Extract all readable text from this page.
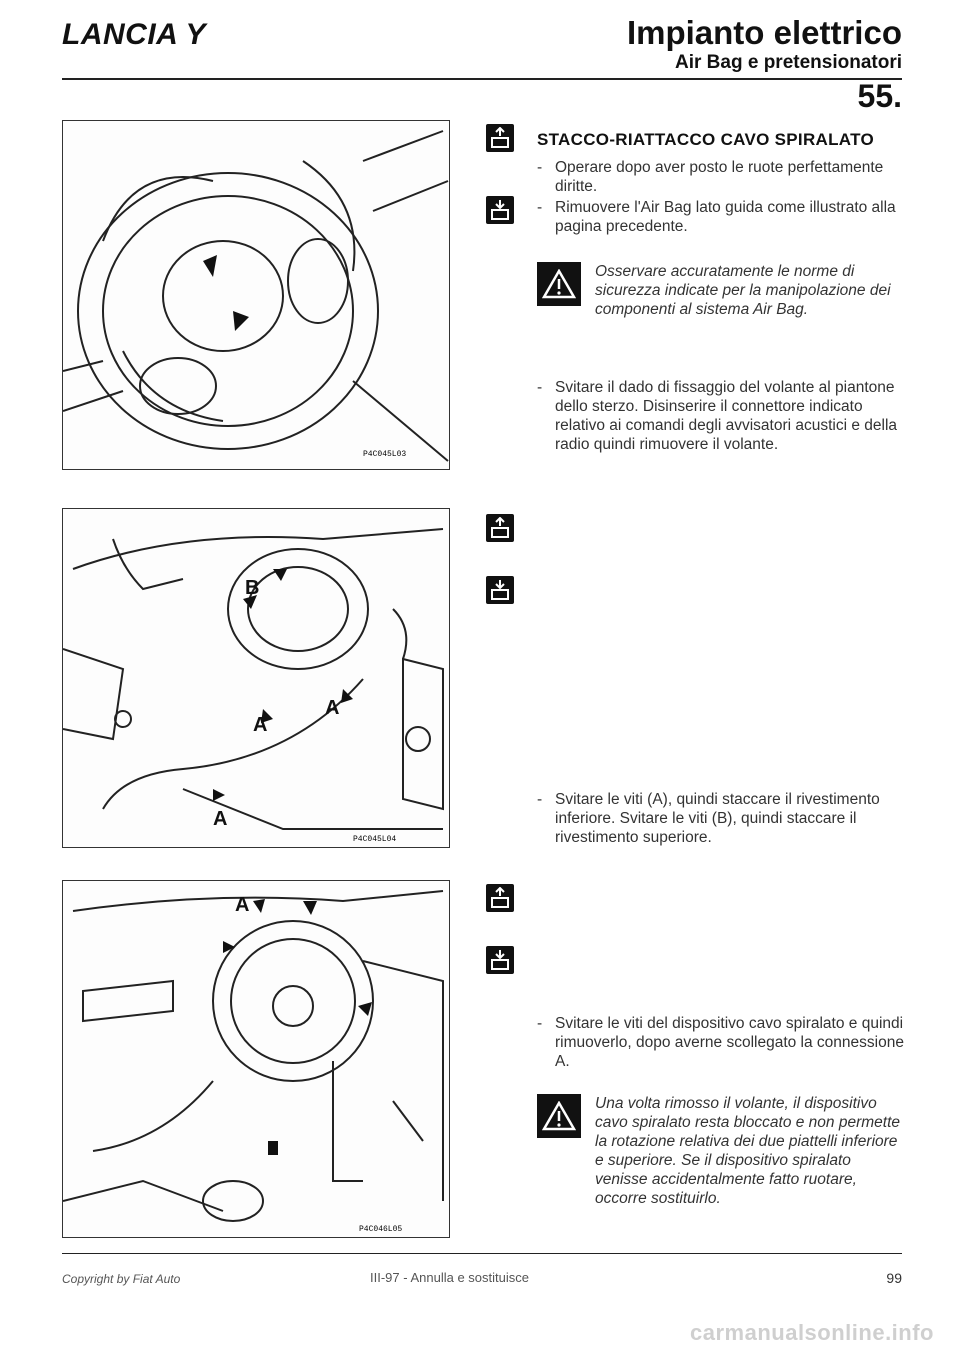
LANCIA Y	Impianto elettrico
Air Bag e pretensionatori
55.
P4C045L03
B
A
A
A
P4C045L04
A
P4C046L05
STACCO-RIATTACCO CAVO SPIRALATO
- Operare dopo aver posto le ruote perfettamente diritte.
- Rimuovere l'Air Bag lato guida come illustrato alla pagina precedente.
Osservare accuratamente le norme di sicurezza indicate per la manipolazione dei componenti al sistema Air Bag.
- Svitare il dado di fissaggio del volante al piantone dello sterzo. Disinserire il connettore indicato relativo ai comandi degli avvisatori acustici e della radio quindi rimuovere il volante.
- Svitare le viti (A), quindi staccare il rivestimento inferiore. Svitare le viti (B), quindi staccare il rivestimento superiore.
- Svitare le viti del dispositivo cavo spiralato e quindi rimuoverlo, dopo averne scollegato la connessione A.
Una volta rimosso il volante, il dispositivo cavo spiralato resta bloccato e non permette la rotazione relativa dei due piattelli inferiore e superiore. Se il dispositivo spiralato venisse accidentalmente fatto ruotare, occorre sostituirlo.
Copyright by Fiat Auto	III-97 - Annulla e sostituisce	99
carmanualsonline.info
